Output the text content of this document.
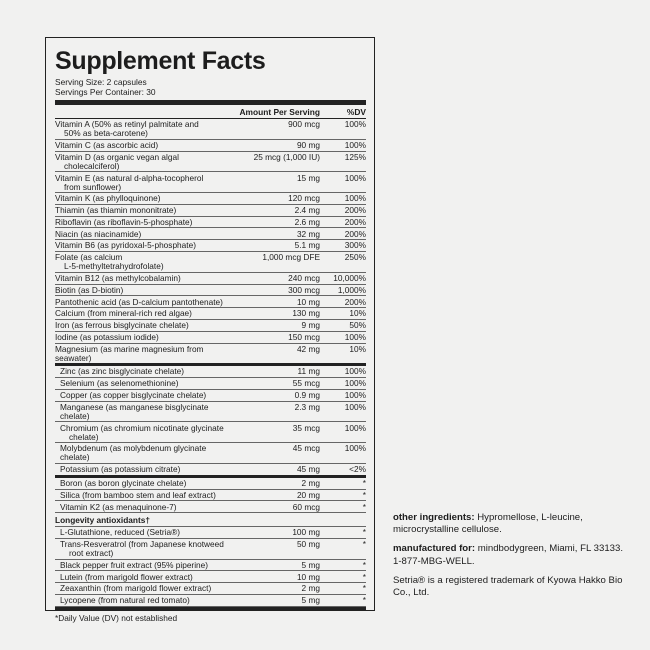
Supplement Facts
Serving Size: 2 capsules
Servings Per Container: 30
Amount Per Serving	%DV
Vitamin A (50% as retinyl palmitate and
50% as beta-carotene)
900 mcg	100%
Vitamin C (as ascorbic acid)	90 mg	100%
Vitamin D (as organic vegan algal
cholecalciferol)
25 mcg (1,000 IU)	125%
Vitamin E (as natural d-alpha-tocopherol
from sunflower)
15 mg	100%
Vitamin K (as phylloquinone)	120 mcg	100%
Thiamin (as thiamin mononitrate)	2.4 mg	200%
Riboflavin (as riboflavin-5-phosphate)	2.6 mg	200%
Niacin (as niacinamide)	32 mg	200%
Vitamin B6 (as pyridoxal-5-phosphate)	5.1 mg	300%
Folate (as calcium
L-5-methyltetrahydrofolate)
1,000 mcg DFE	250%
Vitamin B12 (as methylcobalamin)	240 mcg	10,000%
Biotin (as D-biotin)	300 mcg	1,000%
Pantothenic acid (as D-calcium pantothenate)	10 mg	200%
Calcium (from mineral-rich red algae)	130 mg	10%
Iron (as ferrous bisglycinate chelate)	9 mg	50%
Iodine (as potassium iodide)	150 mcg	100%
Magnesium (as marine magnesium from seawater)
42 mg	10%
Zinc (as zinc bisglycinate chelate)	11 mg	100%
Selenium (as selenomethionine)	55 mcg	100%
Copper (as copper bisglycinate chelate)	0.9 mg	100%
Manganese (as manganese bisglycinate chelate)
2.3 mg	100%
Chromium (as chromium nicotinate glycinate
chelate)
35 mcg	100%
Molybdenum (as molybdenum glycinate chelate)
45 mcg	100%
Potassium (as potassium citrate)	45 mg	<2%
Boron (as boron glycinate chelate)	2 mg	*
Silica (from bamboo stem and leaf extract)	20 mg	*
Vitamin K2 (as menaquinone-7)	60 mcg	*
Longevity antioxidants†
L-Glutathione, reduced (Setria®)	100 mg	*
Trans-Resveratrol (from Japanese knotweed
root extract)
50 mg	*
Black pepper fruit extract (95% piperine)	5 mg	*
Lutein (from marigold flower extract)	10 mg	*
Zeaxanthin (from marigold flower extract)	2 mg	*
Lycopene (from natural red tomato)	5 mg	*
*Daily Value (DV) not established

other ingredients: Hypromellose, L-leucine, microcrystalline cellulose.

manufactured for: mindbodygreen, Miami, FL 33133. 1-877-MBG-WELL.

Setria® is a registered trademark of Kyowa Hakko Bio Co., Ltd.
